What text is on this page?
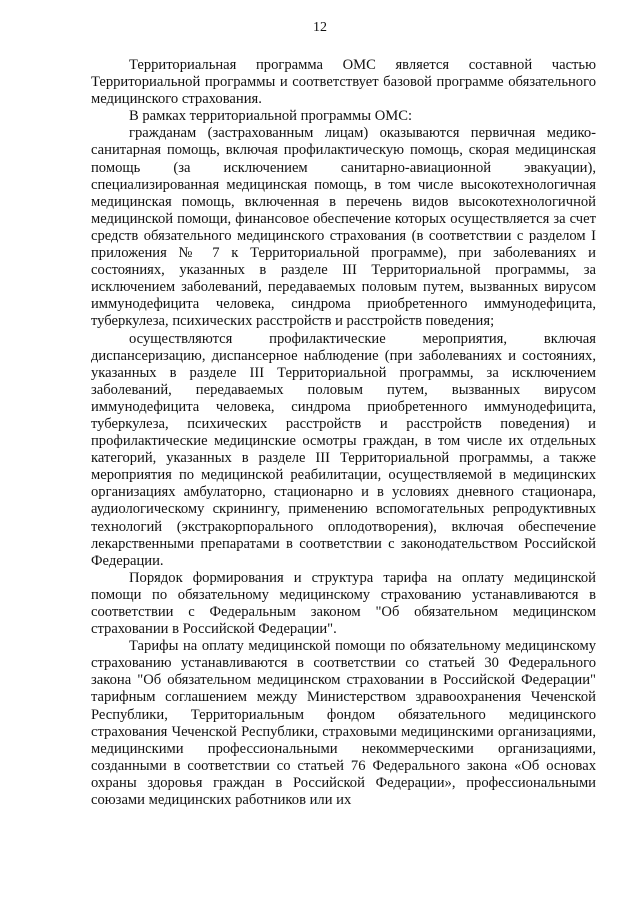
12

Территориальная программа ОМС является составной частью Территориальной программы и соответствует базовой программе обязательного медицинского страхования.

В рамках территориальной программы ОМС:

гражданам (застрахованным лицам) оказываются первичная медико-санитарная помощь, включая профилактическую помощь, скорая медицинская помощь (за исключением санитарно-авиационной эвакуации), специализированная медицинская помощь, в том числе высокотехнологичная медицинская помощь, включенная в перечень видов высокотехнологичной медицинской помощи, финансовое обеспечение которых осуществляется за счет средств обязательного медицинского страхования (в соответствии с разделом I приложения № 7 к Территориальной программе), при заболеваниях и состояниях, указанных в разделе III Территориальной программы, за исключением заболеваний, передаваемых половым путем, вызванных вирусом иммунодефицита человека, синдрома приобретенного иммунодефицита, туберкулеза, психических расстройств и расстройств поведения;

осуществляются профилактические мероприятия, включая диспансеризацию, диспансерное наблюдение (при заболеваниях и состояниях, указанных в разделе III Территориальной программы, за исключением заболеваний, передаваемых половым путем, вызванных вирусом иммунодефицита человека, синдрома приобретенного иммунодефицита, туберкулеза, психических расстройств и расстройств поведения) и профилактические медицинские осмотры граждан, в том числе их отдельных категорий, указанных в разделе III Территориальной программы, а также мероприятия по медицинской реабилитации, осуществляемой в медицинских организациях амбулаторно, стационарно и в условиях дневного стационара, аудиологическому скринингу, применению вспомогательных репродуктивных технологий (экстракорпорального оплодотворения), включая обеспечение лекарственными препаратами в соответствии с законодательством Российской Федерации.

Порядок формирования и структура тарифа на оплату медицинской помощи по обязательному медицинскому страхованию устанавливаются в соответствии с Федеральным законом "Об обязательном медицинском страховании в Российской Федерации".

Тарифы на оплату медицинской помощи по обязательному медицинскому страхованию устанавливаются в соответствии со статьей 30 Федерального закона "Об обязательном медицинском страховании в Российской Федерации" тарифным соглашением между Министерством здравоохранения Чеченской Республики, Территориальным фондом обязательного медицинского страхования Чеченской Республики, страховыми медицинскими организациями, медицинскими профессиональными некоммерческими организациями, созданными в соответствии со статьей 76 Федерального закона «Об основах охраны здоровья граждан в Российской Федерации», профессиональными союзами медицинских работников или их
